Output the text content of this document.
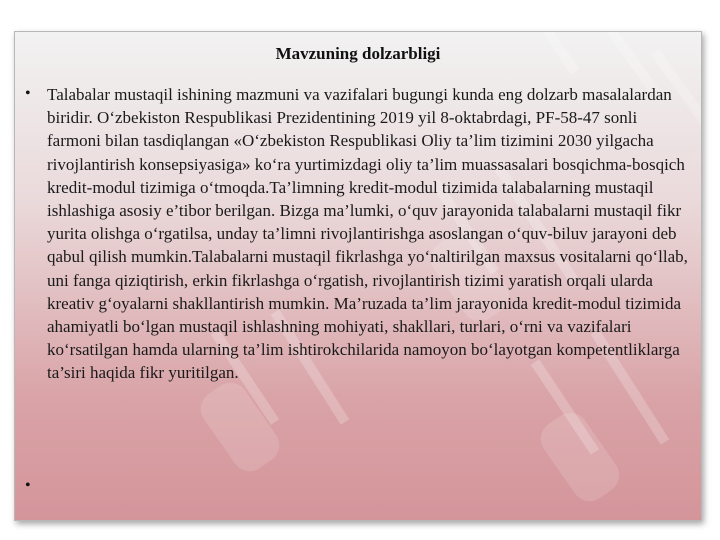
Mavzuning dolzarbligi
• Talabalar mustaqil ishining mazmuni va vazifalari bugungi kunda eng dolzarb masalalardan biridir. O‘zbekiston Respublikasi Prezidentining 2019 yil 8-oktabrdagi, PF-58-47 sonli farmoni bilan tasdiqlangan «O‘zbekiston Respublikasi Oliy ta’lim tizimini 2030 yilgacha rivojlantirish konsepsiyasiga» ko‘ra yurtimizdagi oliy ta’lim muassasalari bosqichma-bosqich kredit-modul tizimiga o‘tmoqda.Ta’limning kredit-modul tizimida talabalarning mustaqil ishlashiga asosiy e’tibor berilgan. Bizga ma’lumki, o‘quv jarayonida talabalarni mustaqil fikr yurita olishga o‘rgatilsa, unday ta’limni rivojlantirishga asoslangan o‘quv-biluv jarayoni deb qabul qilish mumkin.Talabalarni mustaqil fikrlashga yo‘naltirilgan maxsus vositalarni qo‘llab, uni fanga qiziqtirish, erkin fikrlashga o‘rgatish, rivojlantirish tizimi yaratish orqali ularda kreativ g‘oyalarni shakllantirish mumkin. Ma’ruzada ta’lim jarayonida kredit-modul tizimida ahamiyatli bo‘lgan mustaqil ishlashning mohiyati, shakllari, turlari, o‘rni va vazifalari ko‘rsatilgan hamda ularning ta’lim ishtirokchilarida namoyon bo‘layotgan kompetentliklarga ta’siri haqida fikr yuritilgan.
•
